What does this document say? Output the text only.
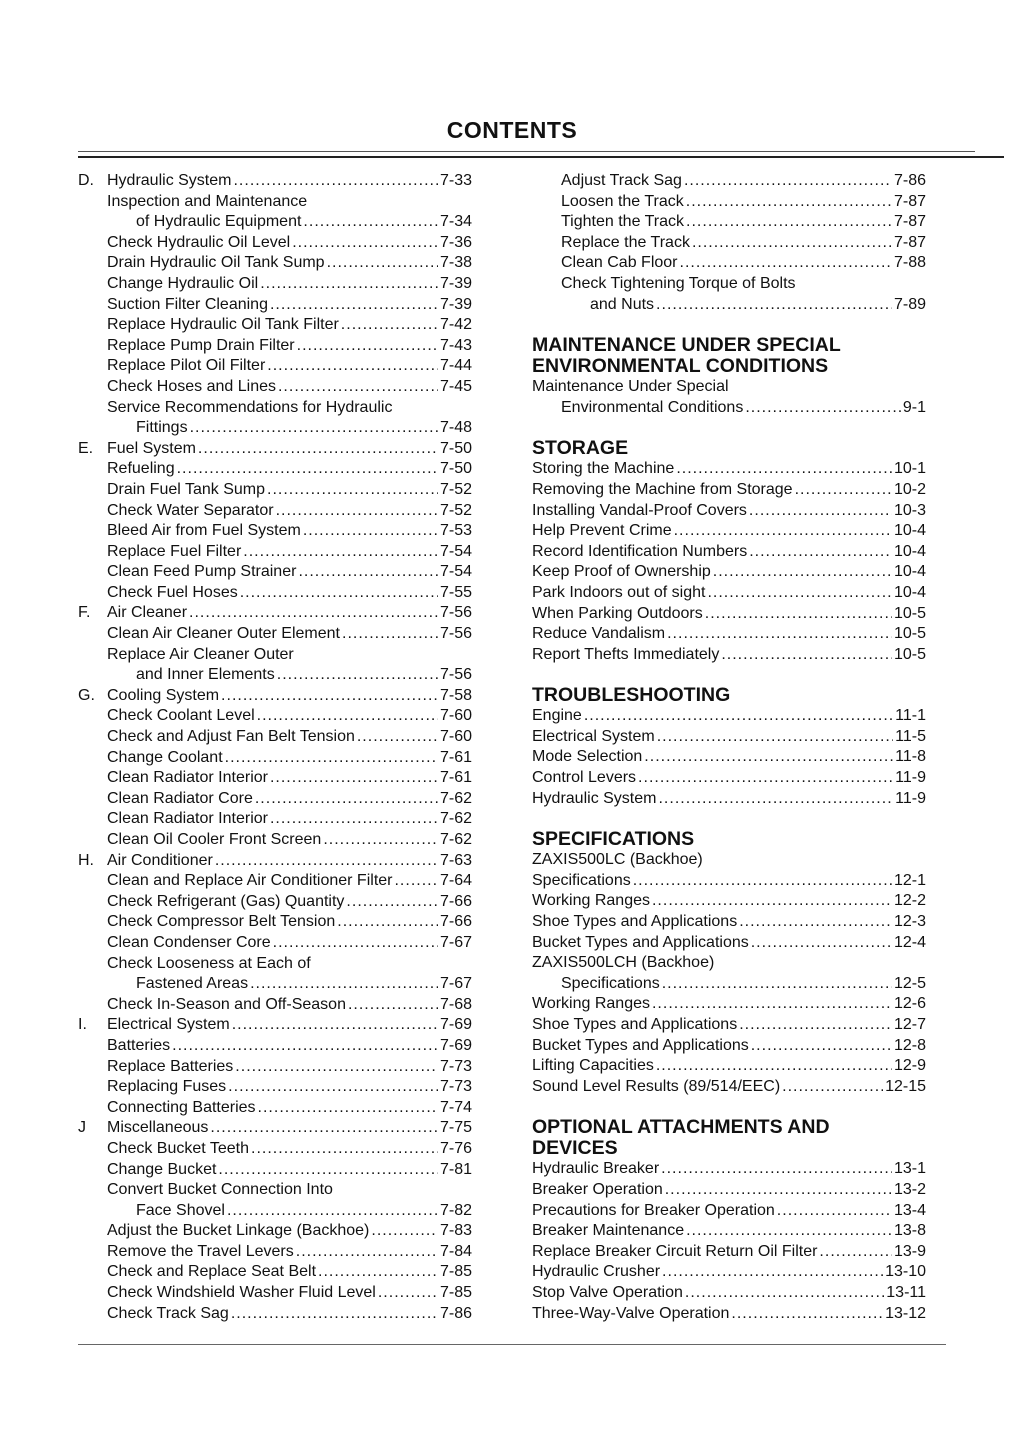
CONTENTS
D. Hydraulic System .....	7-33
Inspection and Maintenance
of Hydraulic Equipment .....	7-34
Check Hydraulic Oil Level .....	7-36
Drain Hydraulic Oil Tank Sump .....	7-38
Change Hydraulic Oil .....	7-39
Suction Filter Cleaning .....	7-39
Replace Hydraulic Oil Tank Filter .....	7-42
Replace Pump Drain Filter .....	7-43
Replace Pilot Oil Filter .....	7-44
Check Hoses and Lines .....	7-45
Service Recommendations for Hydraulic
Fittings .....	7-48
E. Fuel System .....	7-50
Refueling .....	7-50
Drain Fuel Tank Sump .....	7-52
Check Water Separator .....	7-52
Bleed Air from Fuel System .....	7-53
Replace Fuel Filter .....	7-54
Clean Feed Pump Strainer .....	7-54
Check Fuel Hoses .....	7-55
F. Air Cleaner .....	7-56
Clean Air Cleaner Outer Element .....	7-56
Replace Air Cleaner Outer
and Inner Elements .....	7-56
G. Cooling System .....	7-58
Check Coolant Level .....	7-60
Check and Adjust Fan Belt Tension .....	7-60
Change Coolant .....	7-61
Clean Radiator Interior .....	7-61
Clean Radiator Core .....	7-62
Clean Radiator Interior .....	7-62
Clean Oil Cooler Front Screen .....	7-62
H. Air Conditioner .....	7-63
Clean and Replace Air Conditioner Filter .....	7-64
Check Refrigerant (Gas) Quantity .....	7-66
Check Compressor Belt Tension .....	7-66
Clean Condenser Core .....	7-67
Check Looseness at Each of
Fastened Areas .....	7-67
Check In-Season and Off-Season .....	7-68
I. Electrical System .....	7-69
Batteries .....	7-69
Replace Batteries .....	7-73
Replacing Fuses .....	7-73
Connecting Batteries .....	7-74
J Miscellaneous .....	7-75
Check Bucket Teeth .....	7-76
Change Bucket .....	7-81
Convert Bucket Connection Into
Face Shovel .....	7-82
Adjust the Bucket Linkage (Backhoe) .....	7-83
Remove the Travel Levers .....	7-84
Check and Replace Seat Belt .....	7-85
Check Windshield Washer Fluid Level .....	7-85
Check Track Sag .....	7-86
Adjust Track Sag .....	7-86
Loosen the Track .....	7-87
Tighten the Track .....	7-87
Replace the Track .....	7-87
Clean Cab Floor .....	7-88
Check Tightening Torque of Bolts
and Nuts .....	7-89
MAINTENANCE UNDER SPECIAL
ENVIRONMENTAL CONDITIONS
Maintenance Under Special
Environmental Conditions .....	9-1
STORAGE
Storing the Machine .....	10-1
Removing the Machine from Storage .....	10-2
Installing Vandal-Proof Covers .....	10-3
Help Prevent Crime .....	10-4
Record Identification Numbers .....	10-4
Keep Proof of Ownership .....	10-4
Park Indoors out of sight .....	10-4
When Parking Outdoors .....	10-5
Reduce Vandalism .....	10-5
Report Thefts Immediately .....	10-5
TROUBLESHOOTING
Engine .....	11-1
Electrical System .....	11-5
Mode Selection .....	11-8
Control Levers .....	11-9
Hydraulic System .....	11-9
SPECIFICATIONS
ZAXIS500LC (Backhoe)
Specifications .....	12-1
Working Ranges .....	12-2
Shoe Types and Applications .....	12-3
Bucket Types and Applications .....	12-4
ZAXIS500LCH (Backhoe)
Specifications .....	12-5
Working Ranges .....	12-6
Shoe Types and Applications .....	12-7
Bucket Types and Applications .....	12-8
Lifting Capacities .....	12-9
Sound Level Results (89/514/EEC) .....	12-15
OPTIONAL ATTACHMENTS AND
DEVICES
Hydraulic Breaker .....	13-1
Breaker Operation .....	13-2
Precautions for Breaker Operation .....	13-4
Breaker Maintenance .....	13-8
Replace Breaker Circuit Return Oil Filter .....	13-9
Hydraulic Crusher .....	13-10
Stop Valve Operation .....	13-11
Three-Way-Valve Operation .....	13-12
